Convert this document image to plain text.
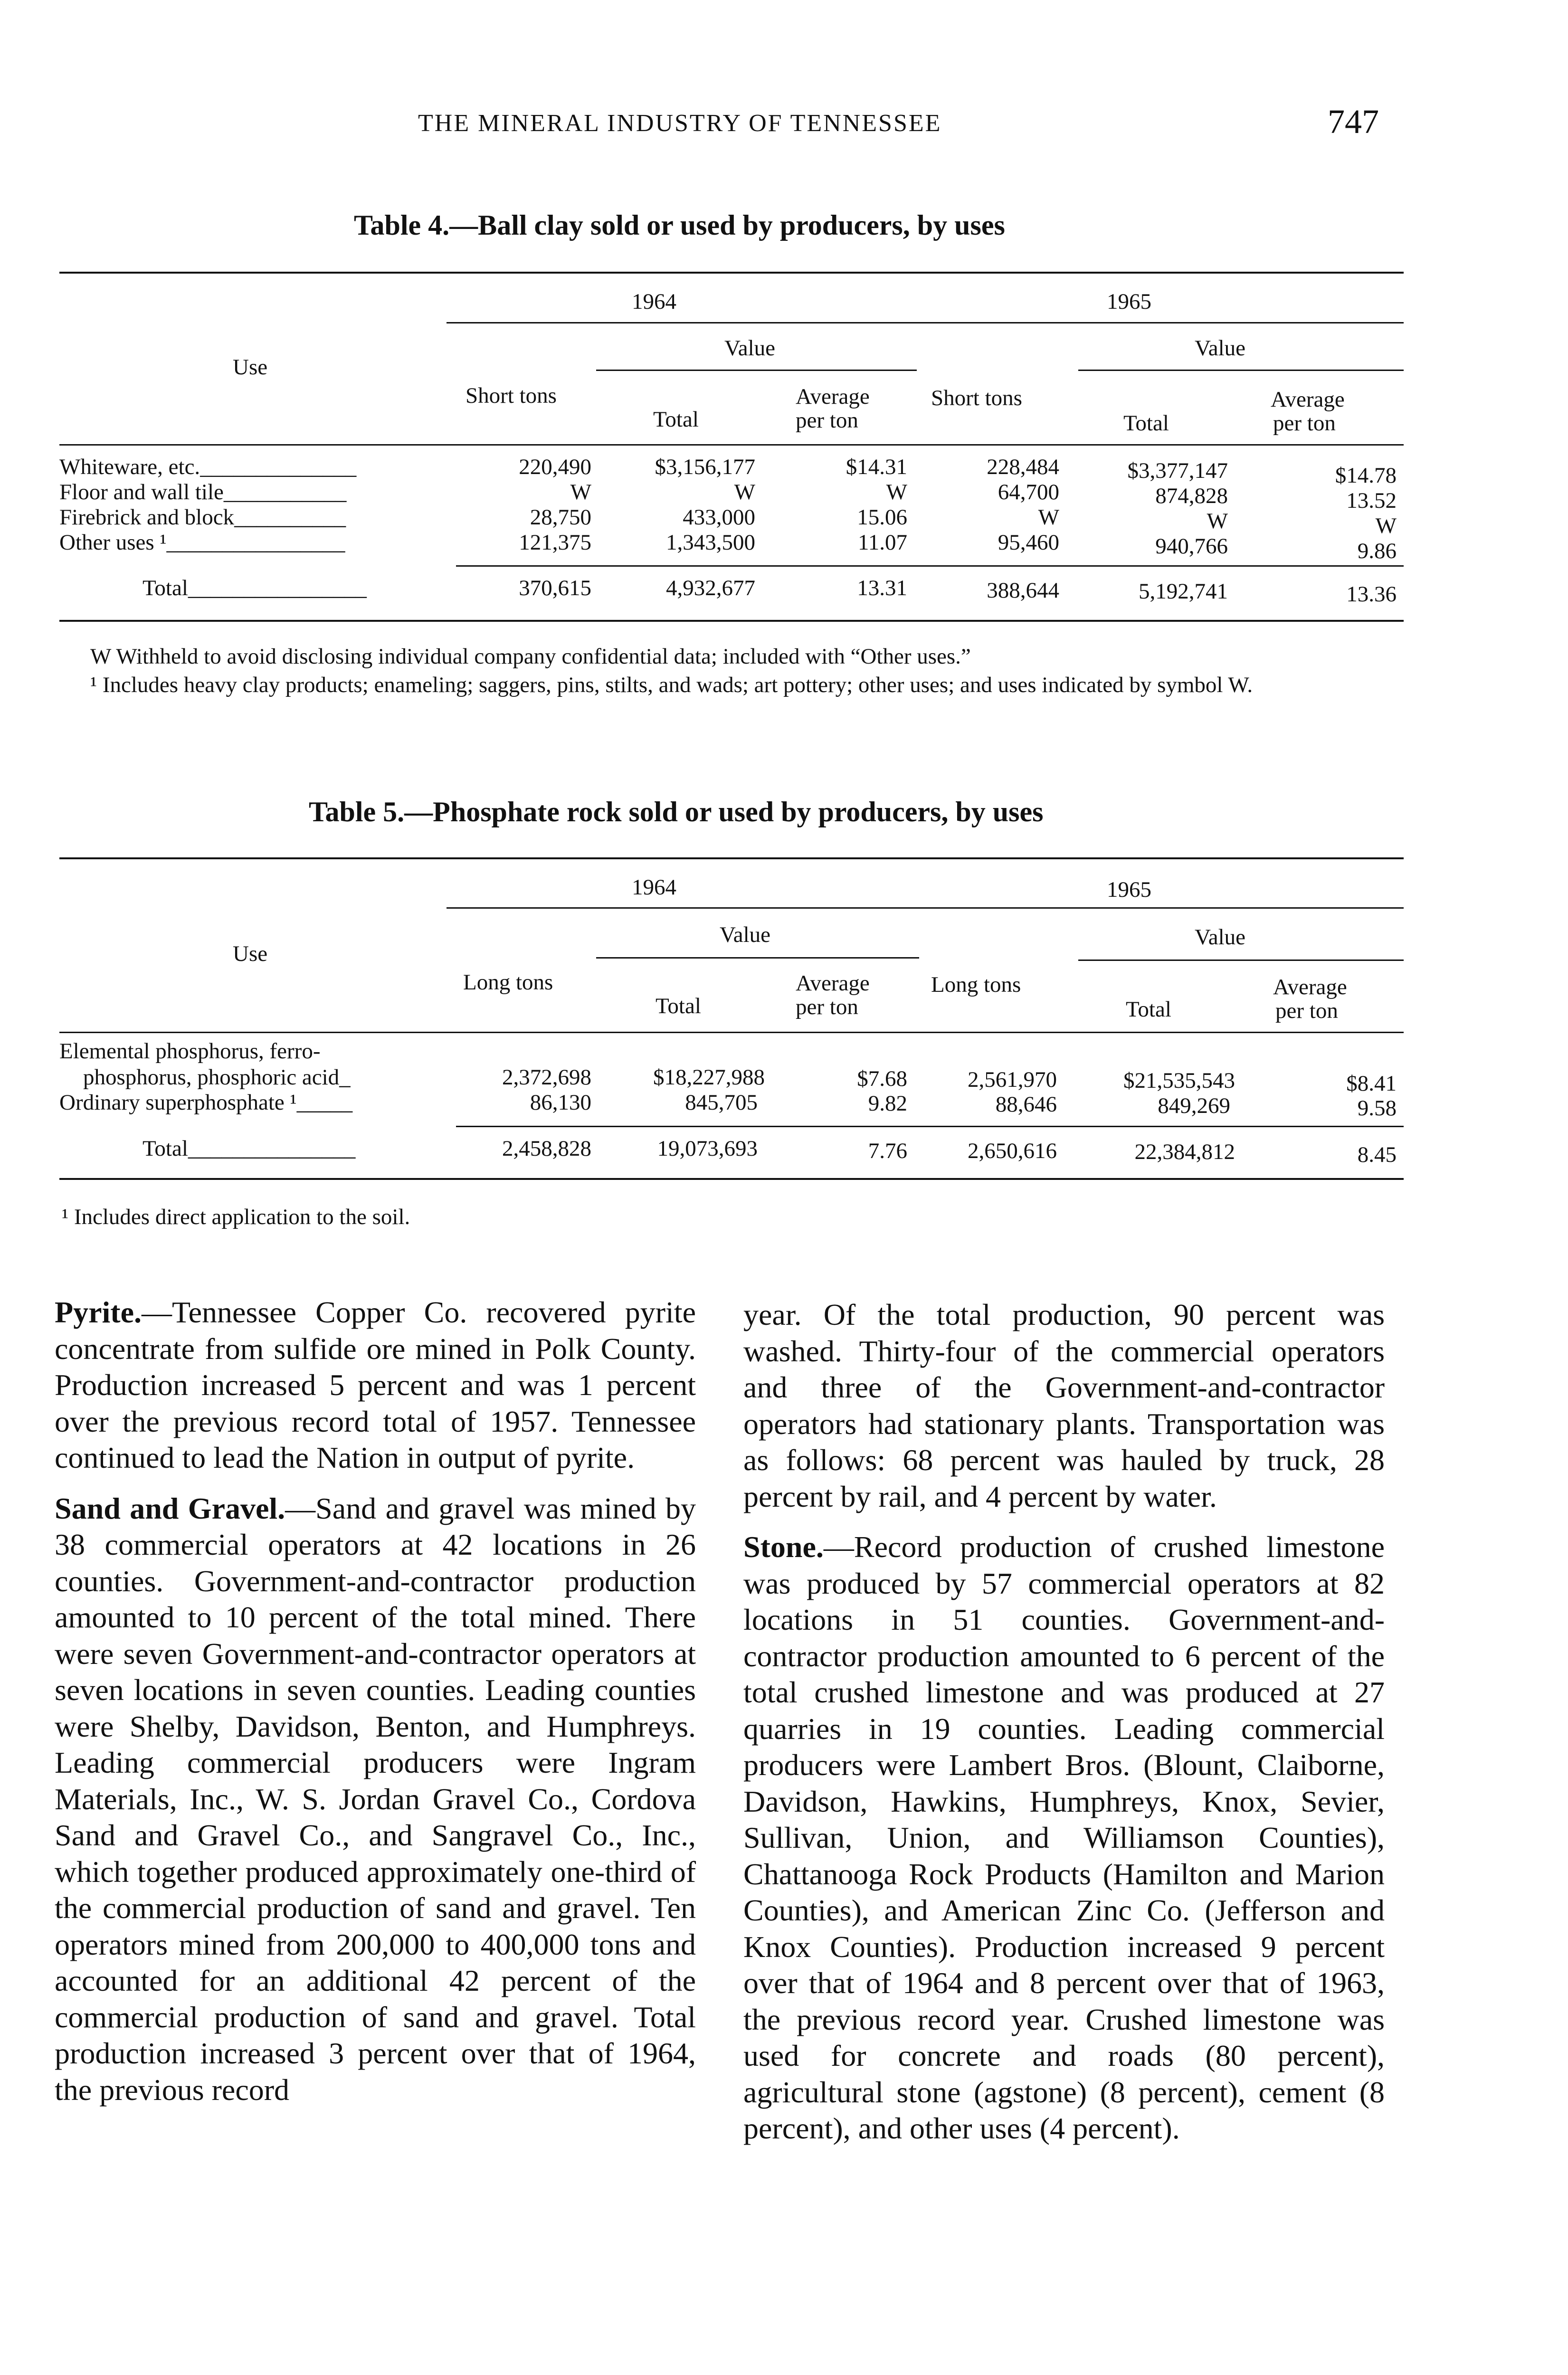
THE MINERAL INDUSTRY OF TENNESSEE	747
Table 4.—Ball clay sold or used by producers, by uses
1964	1965
Use
Value	Value
Short tons
Total
Average
per ton
Short tons
Total
Average
per ton
Whiteware, etc.______________	220,490	$3,156,177	$14.31	228,484	$3,377,147	$14.78
Floor and wall tile___________	W	W	W	64,700	874,828	13.52
Firebrick and block__________	28,750	433,000	15.06	W	W	W
Other uses ¹________________	121,375	1,343,500	11.07	95,460	940,766	9.86
Total________________	370,615	4,932,677	13.31	388,644	5,192,741	13.36
W Withheld to avoid disclosing individual company confidential data; included with “Other uses.”
¹ Includes heavy clay products; enameling; saggers, pins, stilts, and wads; art pottery; other uses; and uses indicated by symbol W.
Table 5.—Phosphate rock sold or used by producers, by uses
1964	1965
Use
Value	Value
Long tons
Total
Average
per ton
Long tons
Total
Average
per ton
Elemental phosphorus, ferro-
phosphorus, phosphoric acid_	2,372,698	$18,227,988	$7.68	2,561,970	$21,535,543	$8.41
Ordinary superphosphate ¹_____	86,130	845,705	9.82	88,646	849,269	9.58
Total_______________	2,458,828	19,073,693	7.76	2,650,616	22,384,812	8.45
¹ Includes direct application to the soil.

Pyrite.—Tennessee Copper Co. recovered pyrite concentrate from sulfide ore mined in Polk County. Production increased 5 percent and was 1 percent over the previous record total of 1957. Tennessee continued to lead the Nation in output of pyrite.

Sand and Gravel.—Sand and gravel was mined by 38 commercial operators at 42 locations in 26 counties. Government-and-contractor production amounted to 10 percent of the total mined. There were seven Government-and-contractor operators at seven locations in seven counties. Leading counties were Shelby, Davidson, Benton, and Humphreys. Leading commercial producers were Ingram Materials, Inc., W. S. Jordan Gravel Co., Cordova Sand and Gravel Co., and Sangravel Co., Inc., which together produced approximately one-third of the commercial production of sand and gravel. Ten operators mined from 200,000 to 400,000 tons and accounted for an additional 42 percent of the commercial production of sand and gravel. Total production increased 3 percent over that of 1964, the previous record

year. Of the total production, 90 percent was washed. Thirty-four of the commercial operators and three of the Government-and-contractor operators had stationary plants. Transportation was as follows: 68 percent was hauled by truck, 28 percent by rail, and 4 percent by water.

Stone.—Record production of crushed limestone was produced by 57 commercial operators at 82 locations in 51 counties. Government-and-contractor production amounted to 6 percent of the total crushed limestone and was produced at 27 quarries in 19 counties. Leading commercial producers were Lambert Bros. (Blount, Claiborne, Davidson, Hawkins, Humphreys, Knox, Sevier, Sullivan, Union, and Williamson Counties), Chattanooga Rock Products (Hamilton and Marion Counties), and American Zinc Co. (Jefferson and Knox Counties). Production increased 9 percent over that of 1964 and 8 percent over that of 1963, the previous record year. Crushed limestone was used for concrete and roads (80 percent), agricultural stone (agstone) (8 percent), cement (8 percent), and other uses (4 percent).
